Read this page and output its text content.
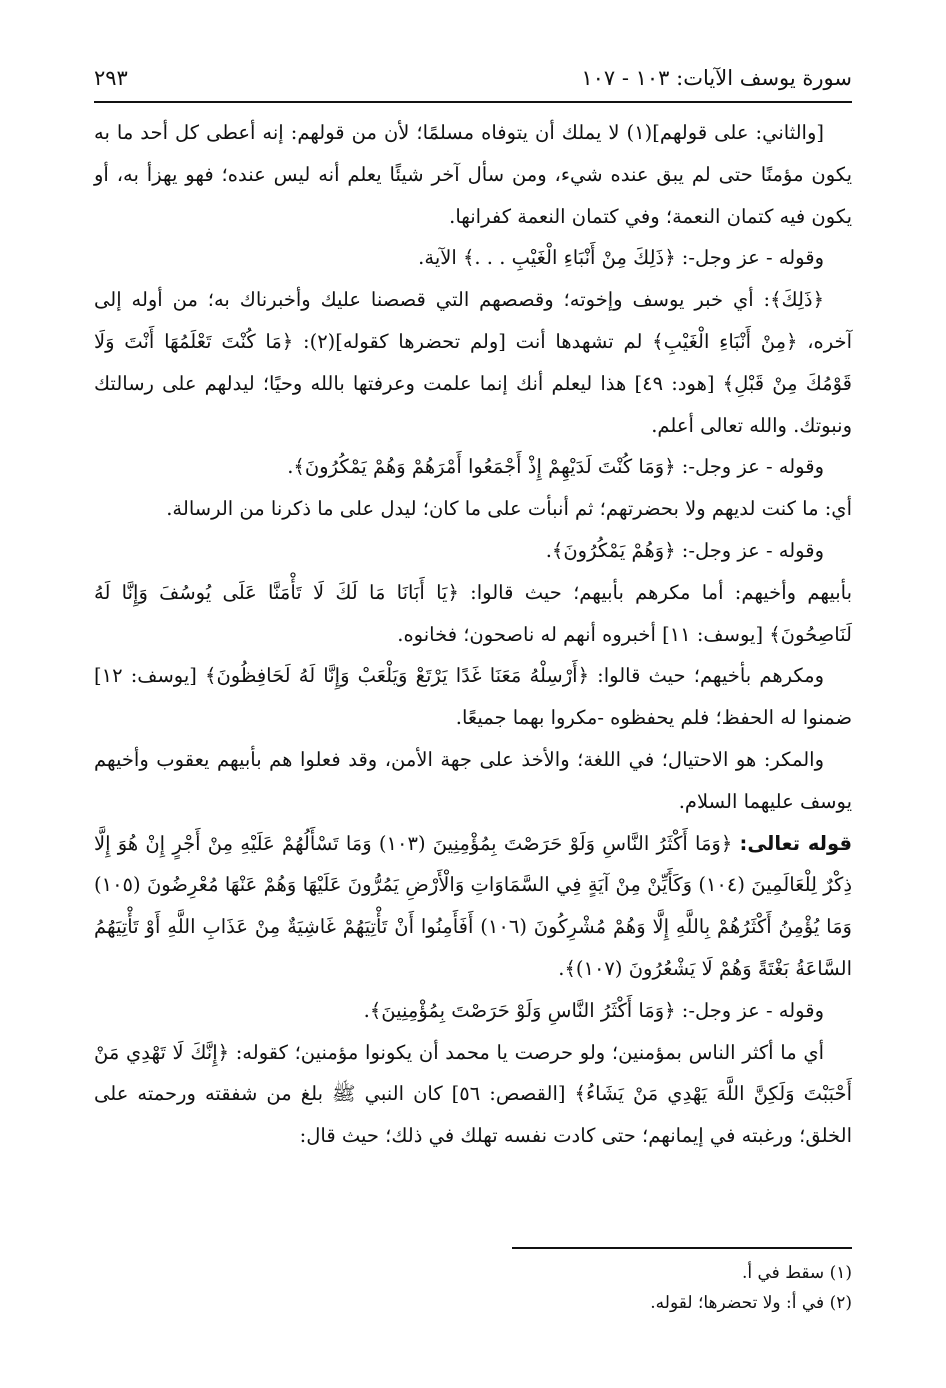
سورة يوسف الآيات: ١٠٣ - ١٠٧
٢٩٣

[والثاني: على قولهم](١) لا يملك أن يتوفاه مسلمًا؛ لأن من قولهم: إنه أعطى كل أحد ما به يكون مؤمنًا حتى لم يبق عنده شيء، ومن سأل آخر شيئًا يعلم أنه ليس عنده؛ فهو يهزأ به، أو يكون فيه كتمان النعمة؛ وفي كتمان النعمة كفرانها.

وقوله - عز وجل-: ﴿ذَلِكَ مِنْ أَنْبَاءِ الْغَيْبِ . . .﴾ الآية.

﴿ذَلِكَ﴾: أي خبر يوسف وإخوته؛ وقصصهم التي قصصنا عليك وأخبرناك به؛ من أوله إلى آخره، ﴿مِنْ أَنْبَاءِ الْغَيْبِ﴾ لم تشهدها أنت [ولم تحضرها كقوله](٢): ﴿مَا كُنْتَ تَعْلَمُهَا أَنْتَ وَلَا قَوْمُكَ مِنْ قَبْلِ﴾ [هود: ٤٩] هذا ليعلم أنك إنما علمت وعرفتها بالله وحيًا؛ ليدلهم على رسالتك ونبوتك. والله تعالى أعلم.

وقوله - عز وجل-: ﴿وَمَا كُنْتَ لَدَيْهِمْ إِذْ أَجْمَعُوا أَمْرَهُمْ وَهُمْ يَمْكُرُونَ﴾.

أي: ما كنت لديهم ولا بحضرتهم؛ ثم أنبأت على ما كان؛ ليدل على ما ذكرنا من الرسالة.

وقوله - عز وجل-: ﴿وَهُمْ يَمْكُرُونَ﴾.

بأبيهم وأخيهم: أما مكرهم بأبيهم؛ حيث قالوا: ﴿يَا أَبَانَا مَا لَكَ لَا تَأْمَنَّا عَلَى يُوسُفَ وَإِنَّا لَهُ لَنَاصِحُونَ﴾ [يوسف: ١١] أخبروه أنهم له ناصحون؛ فخانوه.

ومكرهم بأخيهم؛ حيث قالوا: ﴿أَرْسِلْهُ مَعَنَا غَدًا يَرْتَعْ وَيَلْعَبْ وَإِنَّا لَهُ لَحَافِظُونَ﴾ [يوسف: ١٢] ضمنوا له الحفظ؛ فلم يحفظوه -مكروا بهما جميعًا.

والمكر: هو الاحتيال؛ في اللغة؛ والأخذ على جهة الأمن، وقد فعلوا هم بأبيهم يعقوب وأخيهم يوسف عليهما السلام.

قوله تعالى: ﴿وَمَا أَكْثَرُ النَّاسِ وَلَوْ حَرَصْتَ بِمُؤْمِنِينَ (١٠٣) وَمَا تَسْأَلُهُمْ عَلَيْهِ مِنْ أَجْرٍ إِنْ هُوَ إِلَّا ذِكْرٌ لِلْعَالَمِينَ (١٠٤) وَكَأَيِّنْ مِنْ آيَةٍ فِي السَّمَاوَاتِ وَالْأَرْضِ يَمُرُّونَ عَلَيْهَا وَهُمْ عَنْهَا مُعْرِضُونَ (١٠٥) وَمَا يُؤْمِنُ أَكْثَرُهُمْ بِاللَّهِ إِلَّا وَهُمْ مُشْرِكُونَ (١٠٦) أَفَأَمِنُوا أَنْ تَأْتِيَهُمْ غَاشِيَةٌ مِنْ عَذَابِ اللَّهِ أَوْ تَأْتِيَهُمُ السَّاعَةُ بَغْتَةً وَهُمْ لَا يَشْعُرُونَ (١٠٧)﴾.

وقوله - عز وجل-: ﴿وَمَا أَكْثَرُ النَّاسِ وَلَوْ حَرَصْتَ بِمُؤْمِنِينَ﴾.

أي ما أكثر الناس بمؤمنين؛ ولو حرصت يا محمد أن يكونوا مؤمنين؛ كقوله: ﴿إِنَّكَ لَا تَهْدِي مَنْ أَحْبَبْتَ وَلَكِنَّ اللَّهَ يَهْدِي مَنْ يَشَاءُ﴾ [القصص: ٥٦] كان النبي ﷺ بلغ من شفقته ورحمته على الخلق؛ ورغبته في إيمانهم؛ حتى كادت نفسه تهلك في ذلك؛ حيث قال:

(١) سقط في أ.

(٢) في أ: ولا تحضرها؛ لقوله.
